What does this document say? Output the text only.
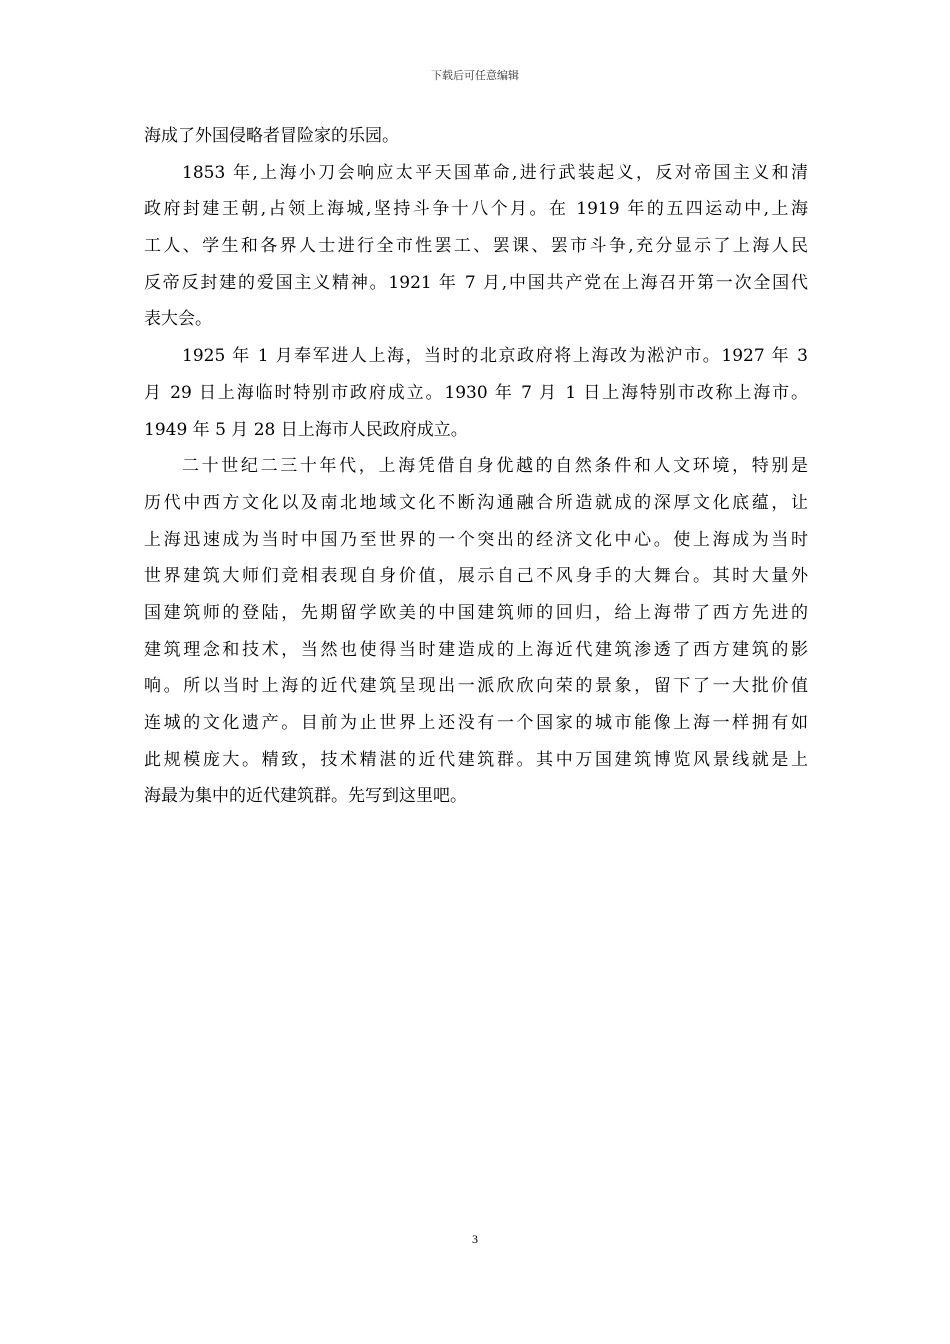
下载后可任意编辑
海成了外国侵略者冒险家的乐园。
1853 年,上海小刀会响应太平天国革命,进行武装起义，反对帝国主义和清
政府封建王朝,占领上海城,坚持斗争十八个月。在 1919 年的五四运动中,上海
工人、学生和各界人士进行全市性罢工、罢课、罢市斗争,充分显示了上海人民
反帝反封建的爱国主义精神。1921 年 7 月,中国共产党在上海召开第一次全国代
表大会。
1925 年 1 月奉军进人上海，当时的北京政府将上海改为淞沪市。1927 年 3
月 29 日上海临时特别市政府成立。1930 年 7 月 1 日上海特别市改称上海市。
1949 年 5 月 28 日上海市人民政府成立。
二十世纪二三十年代，上海凭借自身优越的自然条件和人文环境，特别是
历代中西方文化以及南北地域文化不断沟通融合所造就成的深厚文化底蕴，让
上海迅速成为当时中国乃至世界的一个突出的经济文化中心。使上海成为当时
世界建筑大师们竞相表现自身价值，展示自己不风身手的大舞台。其时大量外
国建筑师的登陆，先期留学欧美的中国建筑师的回归，给上海带了西方先进的
建筑理念和技术，当然也使得当时建造成的上海近代建筑渗透了西方建筑的影
响。所以当时上海的近代建筑呈现出一派欣欣向荣的景象，留下了一大批价值
连城的文化遗产。目前为止世界上还没有一个国家的城市能像上海一样拥有如
此规模庞大。精致，技术精湛的近代建筑群。其中万国建筑博览风景线就是上
海最为集中的近代建筑群。先写到这里吧。
3
